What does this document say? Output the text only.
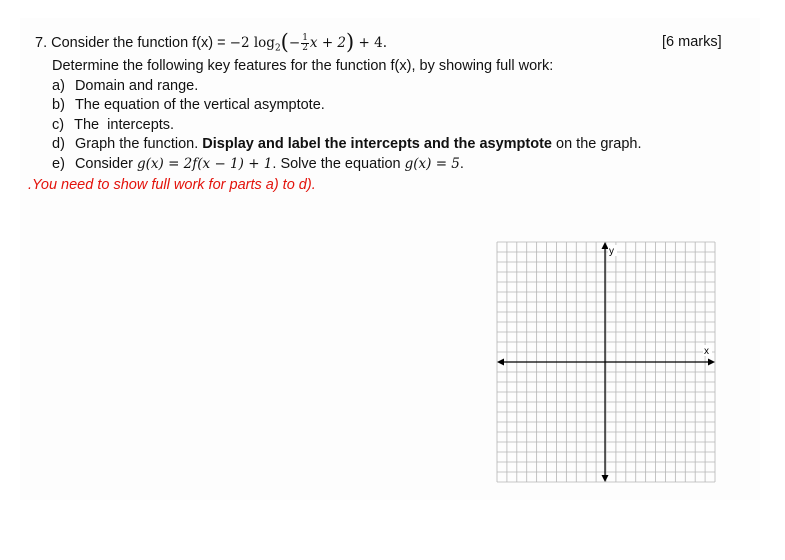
7. Consider the function f(x) = −2 $\log_2(- \frac{1}{2}$ x + 2) + 4.	[6 marks]
Determine the following key features for the function f(x), by showing full work:
a) Domain and range.
b) The equation of the vertical asymptote.
c) The  intercepts.
d) Graph the function. Display and label the intercepts and the asymptote on the graph.
e) Consider g(x) = 2f(x − 1) + 1. Solve the equation g(x) = 5.
.You need to show full work for parts a) to d).
y
x
